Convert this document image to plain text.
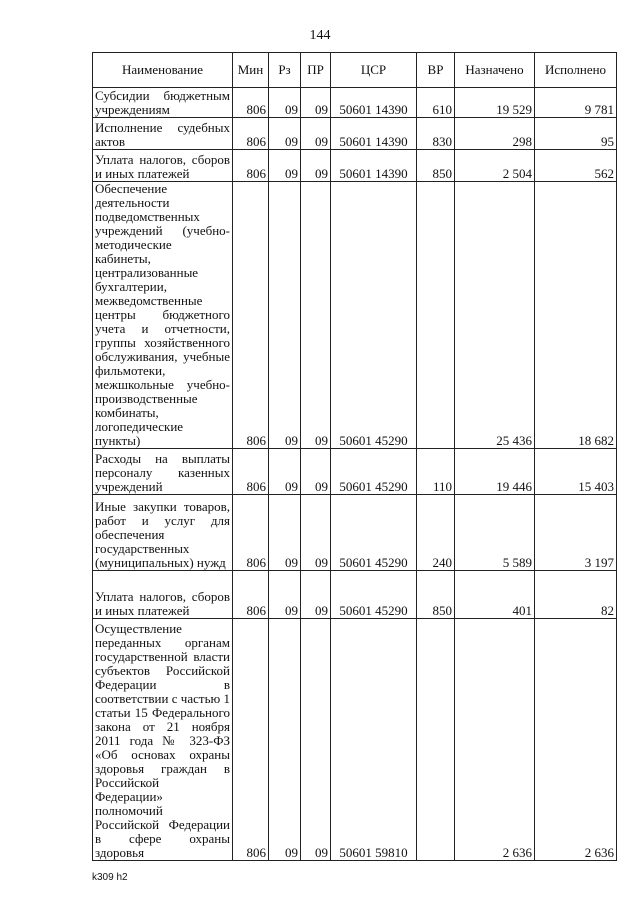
144
Наименование	Мин	Рз	ПР	ЦСР	ВР	Назначено	Исполнено
Субсидии бюджетным учреждениям	806	09	09	50601 14390	610	19 529	9 781
Исполнение судебных актов	806	09	09	50601 14390	830	298	95
Уплата налогов, сборов и иных платежей	806	09	09	50601 14390	850	2 504	562
Обеспечение деятельности подведомственных учреждений (учебно-методические кабинеты, централизованные бухгалтерии, межведомственные центры бюджетного учета и отчетности, группы хозяйственного обслуживания, учебные фильмотеки, межшкольные учебно-производственные комбинаты, логопедические пункты)	806	09	09	50601 45290		25 436	18 682
Расходы на выплаты персоналу казенных учреждений	806	09	09	50601 45290	110	19 446	15 403
Иные закупки товаров, работ и услуг для обеспечения государственных (муниципальных) нужд	806	09	09	50601 45290	240	5 589	3 197
Уплата налогов, сборов и иных платежей	806	09	09	50601 45290	850	401	82
Осуществление переданных органам государственной власти субъектов Российской Федерации в соответствии с частью 1 статьи 15 Федерального закона от 21 ноября 2011 года № 323-ФЗ «Об основах охраны здоровья граждан в Российской Федерации» полномочий Российской Федерации в сфере охраны здоровья	806	09	09	50601 59810		2 636	2 636
k309 h2
